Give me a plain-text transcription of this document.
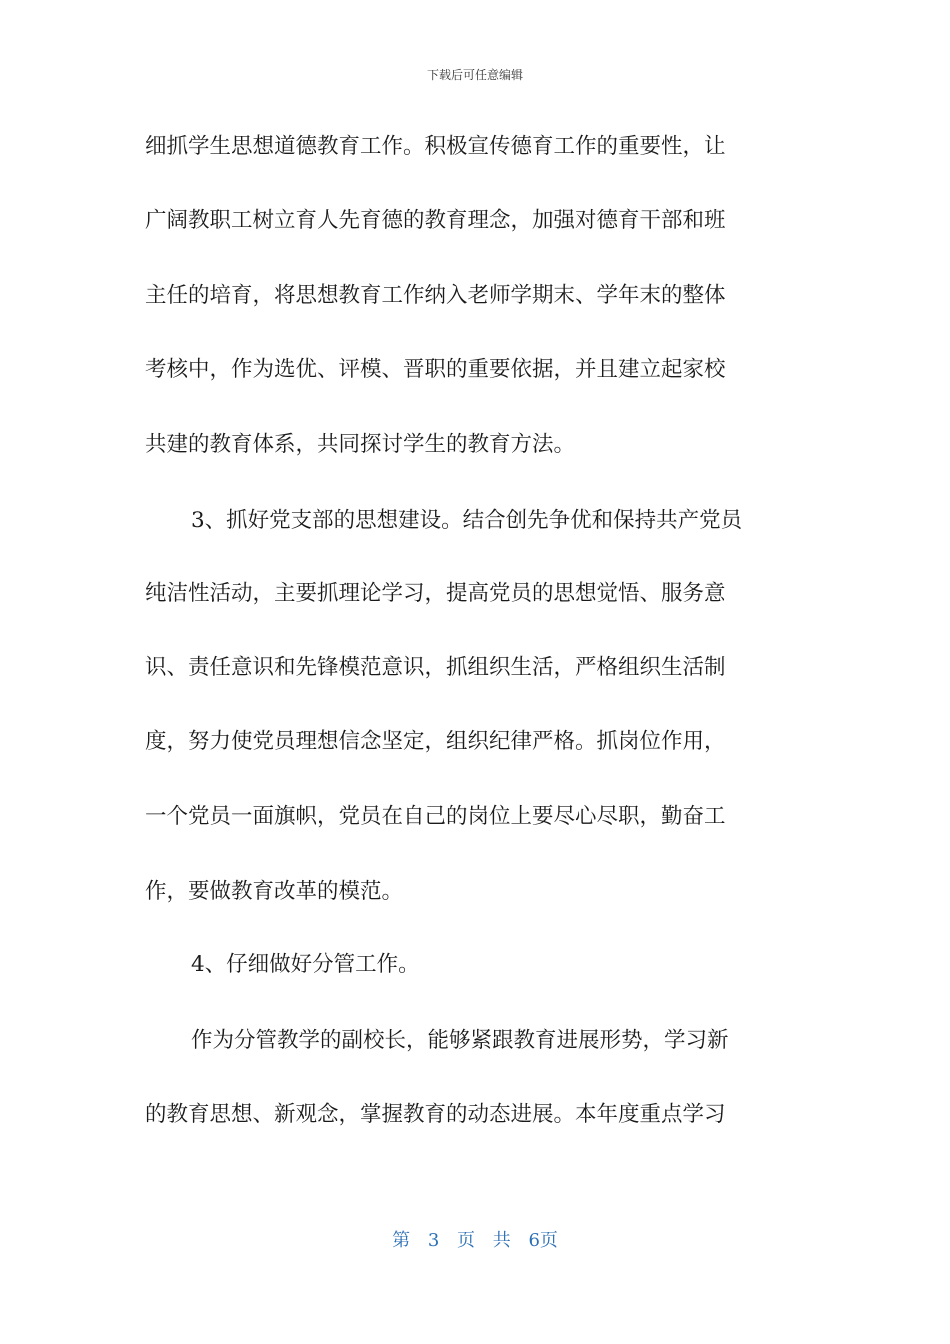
下载后可任意编辑
细抓学生思想道德教育工作。积极宣传德育工作的重要性，让
广阔教职工树立育人先育德的教育理念，加强对德育干部和班
主任的培育，将思想教育工作纳入老师学期末、学年末的整体
考核中，作为选优、评模、晋职的重要依据，并且建立起家校
共建的教育体系，共同探讨学生的教育方法。
3、抓好党支部的思想建设。结合创先争优和保持共产党员
纯洁性活动，主要抓理论学习，提高党员的思想觉悟、服务意
识、责任意识和先锋模范意识，抓组织生活，严格组织生活制
度，努力使党员理想信念坚定，组织纪律严格。抓岗位作用，
一个党员一面旗帜，党员在自己的岗位上要尽心尽职，勤奋工
作，要做教育改革的模范。
4、仔细做好分管工作。
作为分管教学的副校长，能够紧跟教育进展形势，学习新
的教育思想、新观念，掌握教育的动态进展。本年度重点学习
第 3 页 共 6页
